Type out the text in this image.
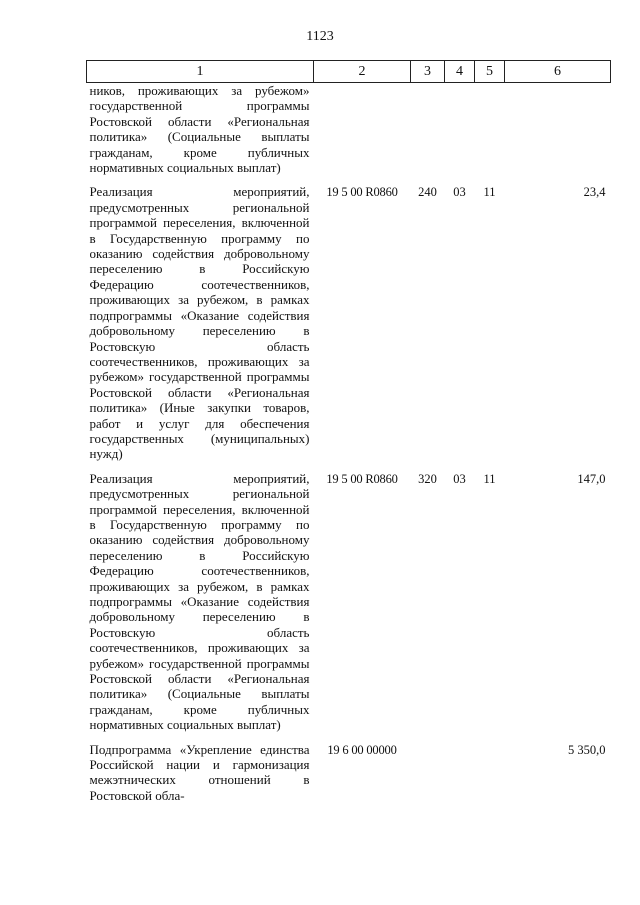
1123
1	2	3	4	5	6
ников, проживающих за рубежом» государственной программы Ростовской области «Региональная политика» (Социальные выплаты гражданам, кроме публичных нормативных социальных выплат)					

Реализация мероприятий, предусмотренных региональной программой переселения, включенной в Государственную программу по оказанию содействия добровольному переселению в Российскую Федерацию соотечественников, проживающих за рубежом, в рамках подпрограммы «Оказание содействия добровольному переселению в Ростовскую область соотечественников, проживающих за рубежом» государственной программы Ростовской области «Региональная политика» (Иные закупки товаров, работ и услуг для обеспечения государственных (муниципальных) нужд)	19 5 00 R0860	240	03	11	23,4

Реализация мероприятий, предусмотренных региональной программой переселения, включенной в Государственную программу по оказанию содействия добровольному переселению в Российскую Федерацию соотечественников, проживающих за рубежом, в рамках подпрограммы «Оказание содействия добровольному переселению в Ростовскую область соотечественников, проживающих за рубежом» государственной программы Ростовской области «Региональная политика» (Социальные выплаты гражданам, кроме публичных нормативных социальных выплат)	19 5 00 R0860	320	03	11	147,0

Подпрограмма «Укрепление единства Российской нации и гармонизация межэтнических отношений в Ростовской обла-	19 6 00 00000				5 350,0
